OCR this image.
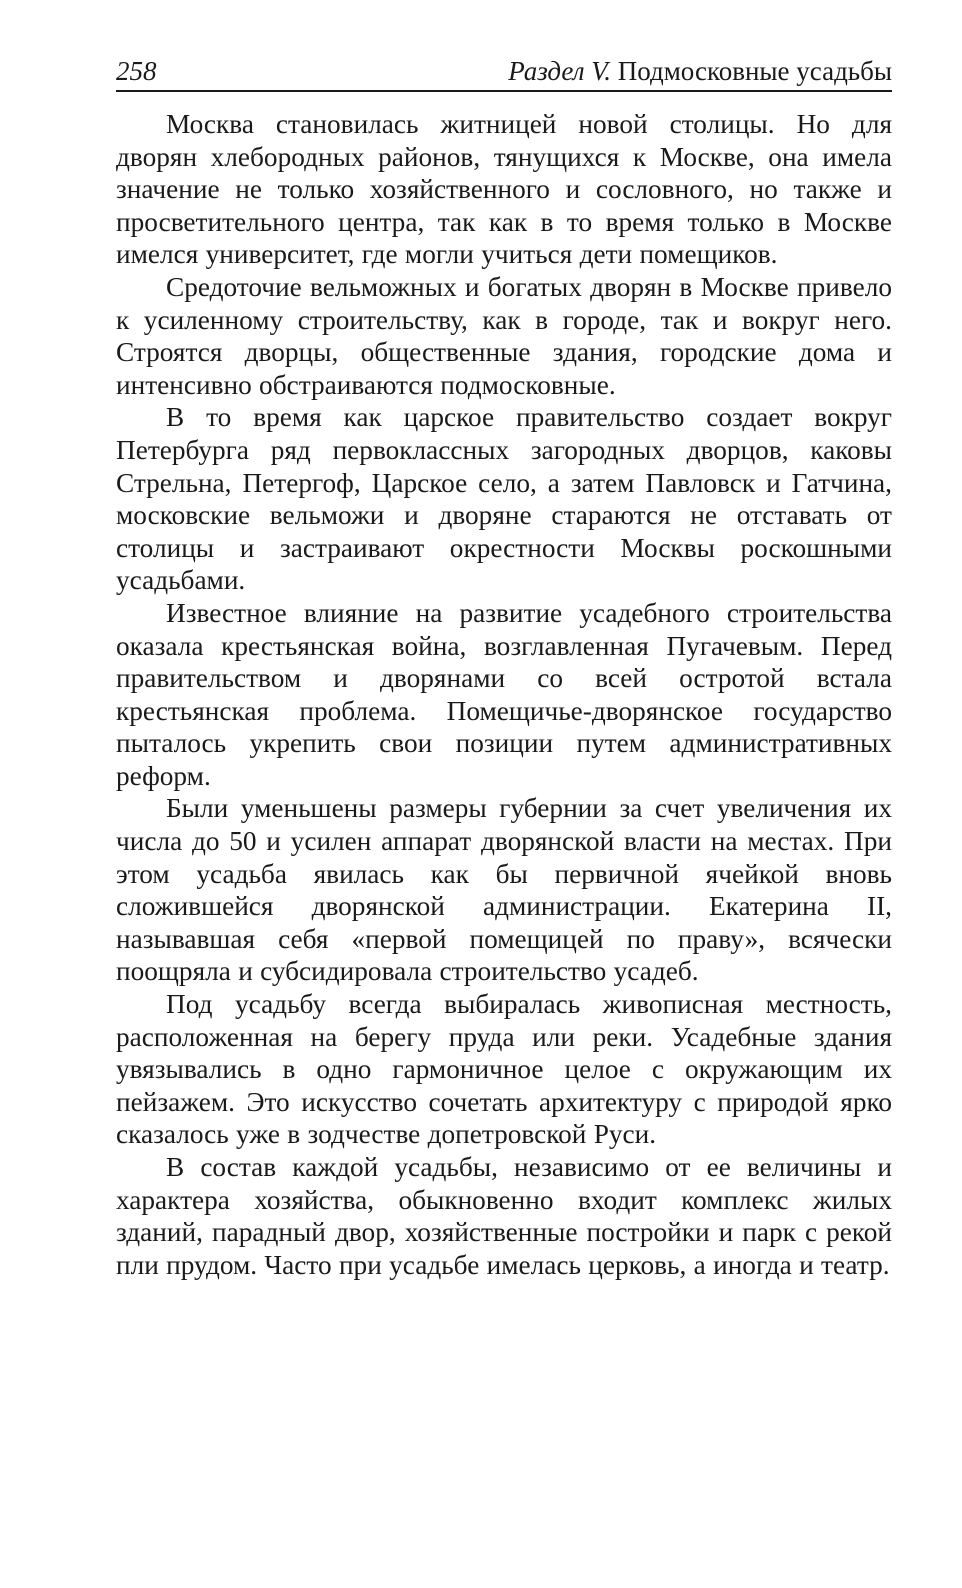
258	Раздел V. Подмосковные усадьбы

Москва становилась житницей новой столицы. Но для дворян хлебородных районов, тянущихся к Москве, она имела значение не только хозяйственного и сословного, но также и просветительного центра, так как в то время только в Москве имелся университет, где могли учиться дети помещиков.

Средоточие вельможных и богатых дворян в Москве привело к усиленному строительству, как в городе, так и вокруг него. Строятся дворцы, общественные здания, городские дома и интенсивно обстраиваются подмосковные.

В то время как царское правительство создает вокруг Петербурга ряд первоклассных загородных дворцов, каковы Стрельна, Петергоф, Царское село, а затем Павловск и Гатчина, московские вельможи и дворяне стараются не отставать от столицы и застраивают окрестности Москвы роскошными усадьбами.

Известное влияние на развитие усадебного строительства оказала крестьянская война, возглавленная Пугачевым. Перед правительством и дворянами со всей остротой встала крестьянская проблема. Помещичье-дворянское государство пыталось укрепить свои позиции путем административных реформ.

Были уменьшены размеры губернии за счет увеличения их числа до 50 и усилен аппарат дворянской власти на местах. При этом усадьба явилась как бы первичной ячейкой вновь сложившейся дворянской администрации. Екатерина II, называвшая себя «первой помещицей по праву», всячески поощряла и субсидировала строительство усадеб.

Под усадьбу всегда выбиралась живописная местность, расположенная на берегу пруда или реки. Усадебные здания увязывались в одно гармоничное целое с окружающим их пейзажем. Это искусство сочетать архитектуру с природой ярко сказалось уже в зодчестве допетровской Руси.

В состав каждой усадьбы, независимо от ее величины и характера хозяйства, обыкновенно входит комплекс жилых зданий, парадный двор, хозяйственные постройки и парк с рекой пли прудом. Часто при усадьбе имелась церковь, а иногда и театр.
